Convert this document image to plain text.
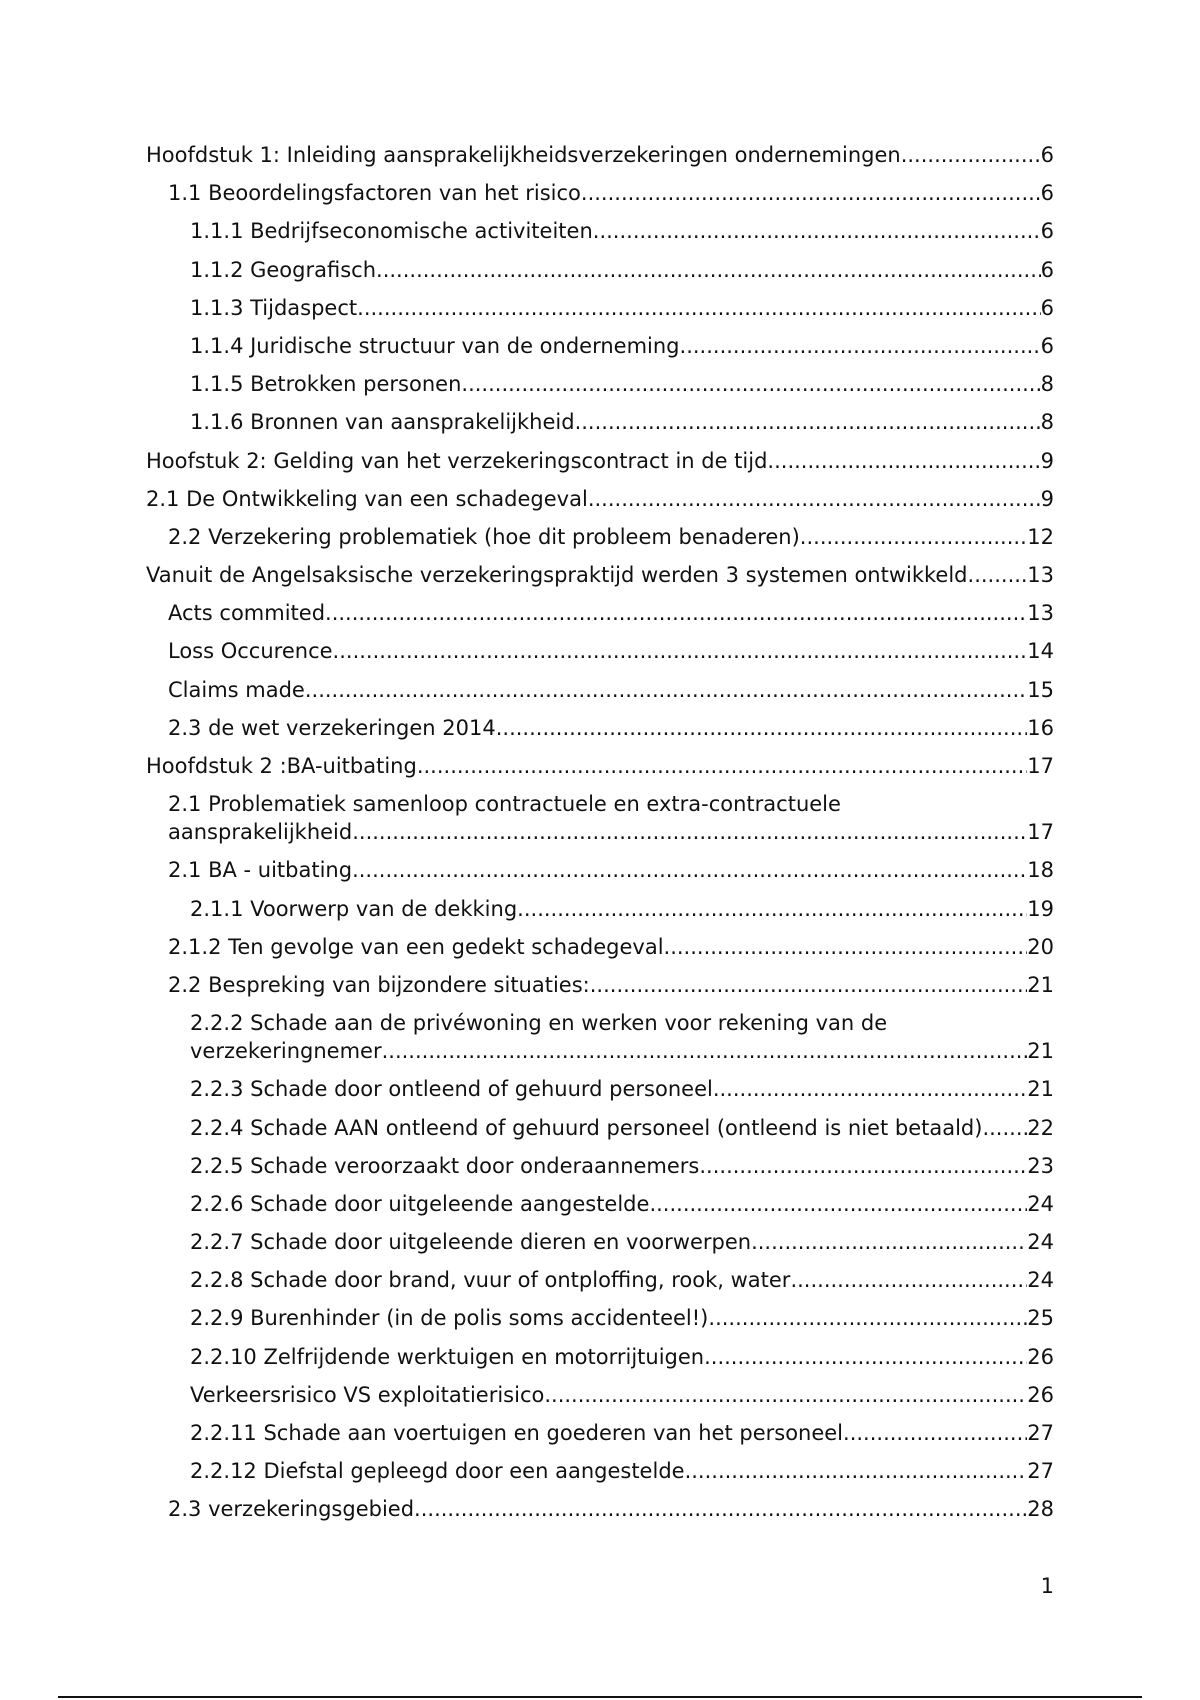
Hoofdstuk 1: Inleiding aansprakelijkheidsverzekeringen ondernemingen .....	6
1.1 Beoordelingsfactoren van het risico .....	6
1.1.1 Bedrijfseconomische activiteiten .....	6
1.1.2 Geografisch .....	6
1.1.3 Tijdaspect .....	6
1.1.4 Juridische structuur van de onderneming .....	6
1.1.5 Betrokken personen .....	8
1.1.6 Bronnen van aansprakelijkheid .....	8
Hoofstuk 2: Gelding van het verzekeringscontract in de tijd .....	9
2.1 De Ontwikkeling van een schadegeval .....	9
2.2 Verzekering problematiek (hoe dit probleem benaderen) .....	12
Vanuit de Angelsaksische verzekeringspraktijd werden 3 systemen ontwikkeld. .....	13
Acts commited .....	13
Loss Occurence .....	14
Claims made .....	15
2.3 de wet verzekeringen 2014 .....	16
Hoofdstuk 2 :BA-uitbating .....	17
2.1 Problematiek samenloop contractuele en extra-contractuele
aansprakelijkheid .....	17
2.1 BA - uitbating .....	18
2.1.1 Voorwerp van de dekking .....	19
2.1.2 Ten gevolge van een gedekt schadegeval .....	20
2.2 Bespreking van bijzondere situaties: .....	21
2.2.2 Schade aan de privéwoning en werken voor rekening van de
verzekeringnemer .....	21
2.2.3 Schade door ontleend of gehuurd personeel .....	21
2.2.4 Schade AAN ontleend of gehuurd personeel (ontleend is niet betaald) ..... 22
2.2.5 Schade veroorzaakt door onderaannemers .....	23
2.2.6 Schade door uitgeleende aangestelde .....	24
2.2.7 Schade door uitgeleende dieren en voorwerpen .....	24
2.2.8 Schade door brand, vuur of ontploffing, rook, water .....	24
2.2.9 Burenhinder (in de polis soms accidenteel!) .....	25
2.2.10 Zelfrijdende werktuigen en motorrijtuigen .....	26
Verkeersrisico VS exploitatierisico .....	26
2.2.11 Schade aan voertuigen en goederen van het personeel .....	27
2.2.12 Diefstal gepleegd door een aangestelde .....	27
2.3 verzekeringsgebied .....	28
1
